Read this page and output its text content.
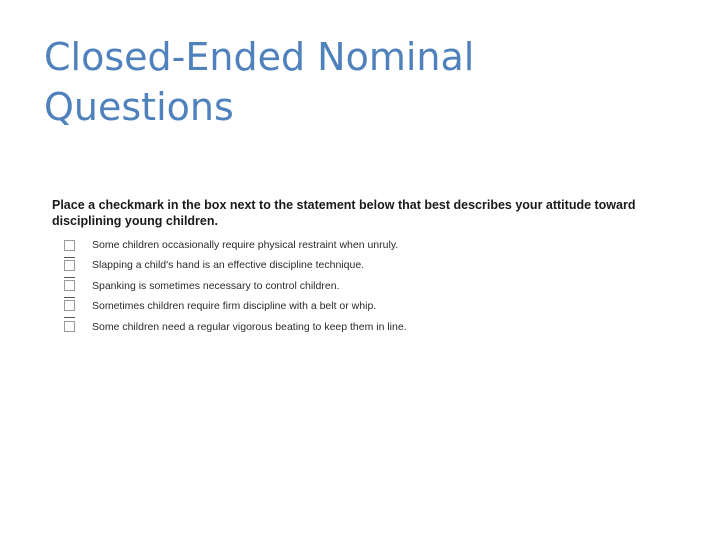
Closed-Ended Nominal Questions

Place a checkmark in the box next to the statement below that best describes your attitude toward disciplining young children.

Some children occasionally require physical restraint when unruly.
Slapping a child's hand is an effective discipline technique.
Spanking is sometimes necessary to control children.
Sometimes children require firm discipline with a belt or whip.
Some children need a regular vigorous beating to keep them in line.
